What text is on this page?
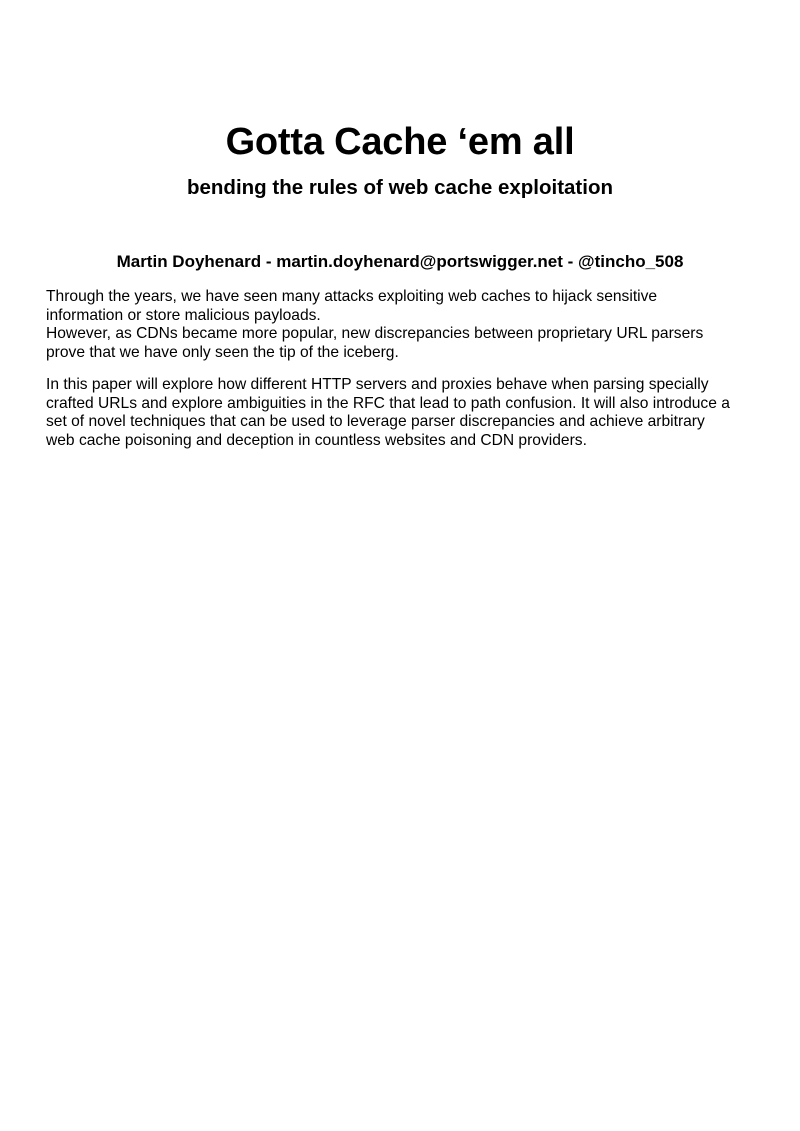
Gotta Cache ‘em all
bending the rules of web cache exploitation

Martin Doyhenard - martin.doyhenard@portswigger.net - @tincho_508

Through the years, we have seen many attacks exploiting web caches to hijack sensitive
information or store malicious payloads.
However, as CDNs became more popular, new discrepancies between proprietary URL parsers
prove that we have only seen the tip of the iceberg.

In this paper will explore how different HTTP servers and proxies behave when parsing specially
crafted URLs and explore ambiguities in the RFC that lead to path confusion. It will also introduce a
set of novel techniques that can be used to leverage parser discrepancies and achieve arbitrary
web cache poisoning and deception in countless websites and CDN providers.
